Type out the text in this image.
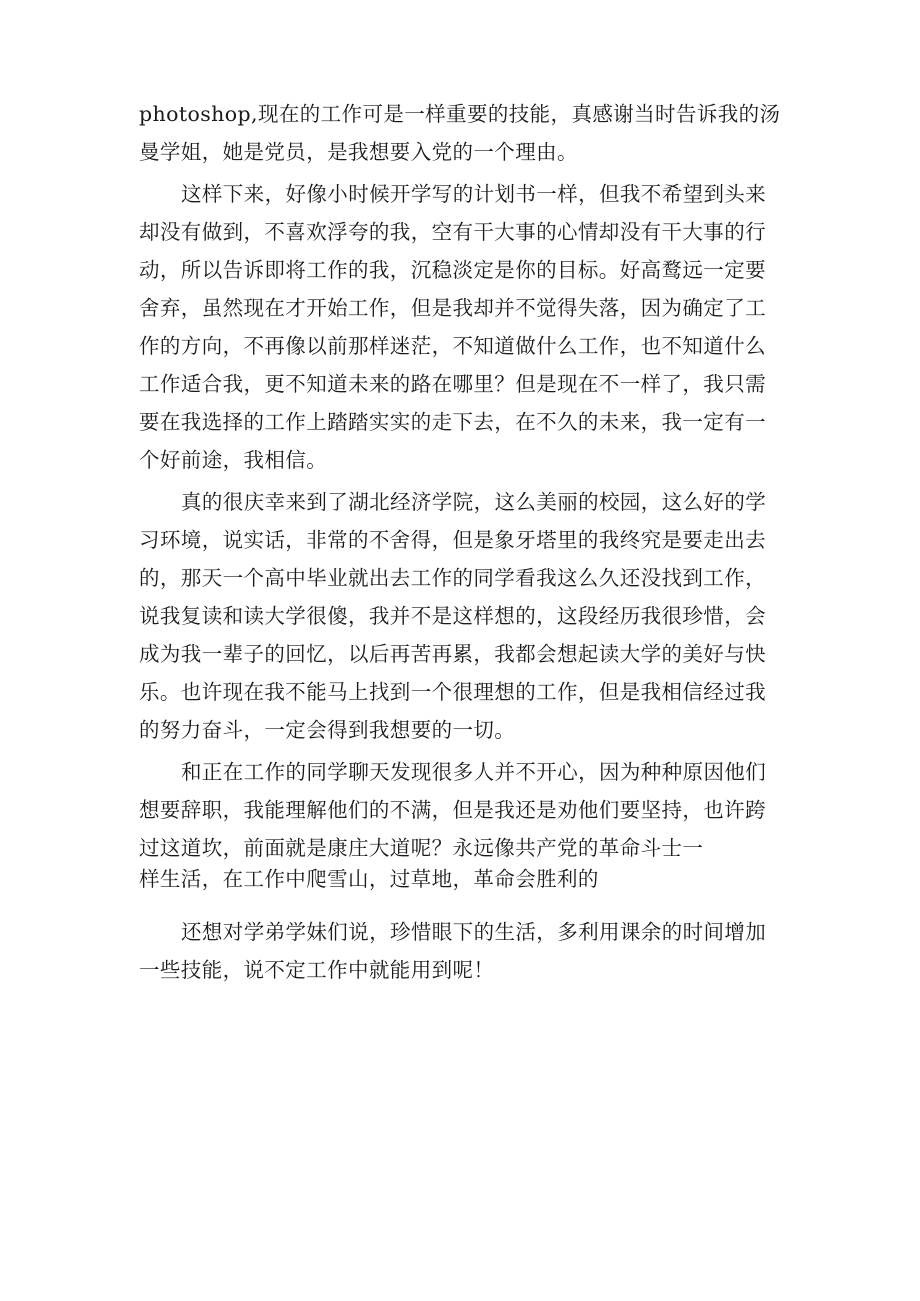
photoshop,现在的工作可是一样重要的技能，真感谢当时告诉我的汤
曼学姐，她是党员，是我想要入党的一个理由。
这样下来，好像小时候开学写的计划书一样，但我不希望到头来
却没有做到，不喜欢浮夸的我，空有干大事的心情却没有干大事的行
动，所以告诉即将工作的我，沉稳淡定是你的目标。好高鹜远一定要
舍弃，虽然现在才开始工作，但是我却并不觉得失落，因为确定了工
作的方向，不再像以前那样迷茫，不知道做什么工作，也不知道什么
工作适合我，更不知道未来的路在哪里？但是现在不一样了，我只需
要在我选择的工作上踏踏实实的走下去，在不久的未来，我一定有一
个好前途，我相信。
真的很庆幸来到了湖北经济学院，这么美丽的校园，这么好的学
习环境，说实话，非常的不舍得，但是象牙塔里的我终究是要走出去
的，那天一个高中毕业就出去工作的同学看我这么久还没找到工作，
说我复读和读大学很傻，我并不是这样想的，这段经历我很珍惜，会
成为我一辈子的回忆，以后再苦再累，我都会想起读大学的美好与快
乐。也许现在我不能马上找到一个很理想的工作，但是我相信经过我
的努力奋斗，一定会得到我想要的一切。
和正在工作的同学聊天发现很多人并不开心，因为种种原因他们
想要辞职，我能理解他们的不满，但是我还是劝他们要坚持，也许跨
过这道坎，前面就是康庄大道呢？永远像共产党的革命斗士一
样生活，在工作中爬雪山，过草地，革命会胜利的
还想对学弟学妹们说，珍惜眼下的生活，多利用课余的时间增加
一些技能，说不定工作中就能用到呢！
